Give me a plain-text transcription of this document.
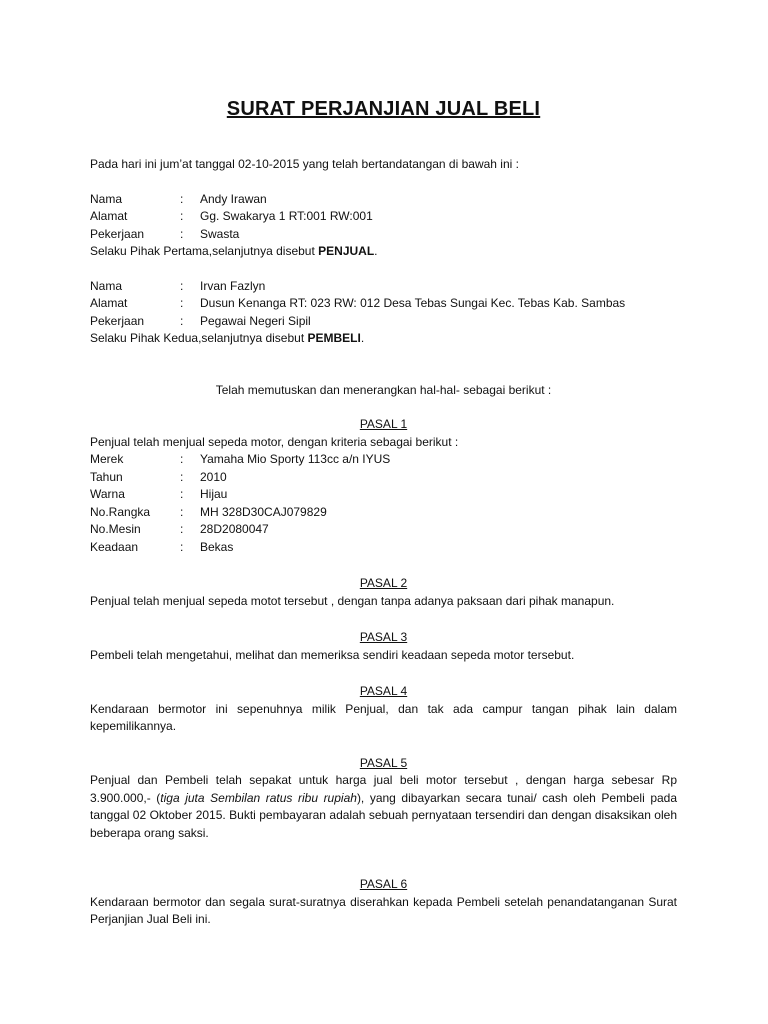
SURAT PERJANJIAN JUAL BELI

Pada hari ini jum’at tanggal 02-10-2015 yang telah bertandatangan di bawah ini :

Nama	:	Andy Irawan
Alamat	:	Gg. Swakarya 1 RT:001 RW:001
Pekerjaan	:	Swasta

Selaku Pihak Pertama,selanjutnya disebut PENJUAL.

Nama	:	Irvan Fazlyn
Alamat	:	Dusun Kenanga RT: 023 RW: 012 Desa Tebas Sungai Kec. Tebas Kab. Sambas
Pekerjaan	:	Pegawai Negeri Sipil

Selaku Pihak Kedua,selanjutnya disebut PEMBELI.

Telah memutuskan dan menerangkan hal-hal- sebagai berikut :

PASAL 1

Penjual telah menjual sepeda motor, dengan kriteria sebagai berikut :

Merek	:	Yamaha Mio Sporty 113cc a/n IYUS
Tahun	:	2010
Warna	:	Hijau
No.Rangka	:	MH 328D30CAJ079829
No.Mesin	:	28D2080047
Keadaan	:	Bekas

PASAL 2

Penjual telah menjual sepeda motot tersebut , dengan tanpa adanya paksaan dari pihak manapun.

PASAL 3

Pembeli telah mengetahui, melihat dan memeriksa sendiri keadaan sepeda motor tersebut.

PASAL 4

Kendaraan bermotor ini sepenuhnya milik Penjual, dan tak ada campur tangan pihak lain dalam kepemilikannya.

PASAL 5

Penjual dan Pembeli telah sepakat untuk harga jual beli motor tersebut , dengan harga sebesar Rp 3.900.000,- (tiga juta Sembilan ratus ribu rupiah), yang dibayarkan secara tunai/ cash oleh Pembeli pada tanggal 02 Oktober 2015. Bukti pembayaran adalah sebuah pernyataan tersendiri dan dengan disaksikan oleh beberapa orang saksi.

PASAL 6

Kendaraan bermotor dan segala surat-suratnya diserahkan kepada Pembeli setelah penandatanganan Surat Perjanjian Jual Beli ini.
